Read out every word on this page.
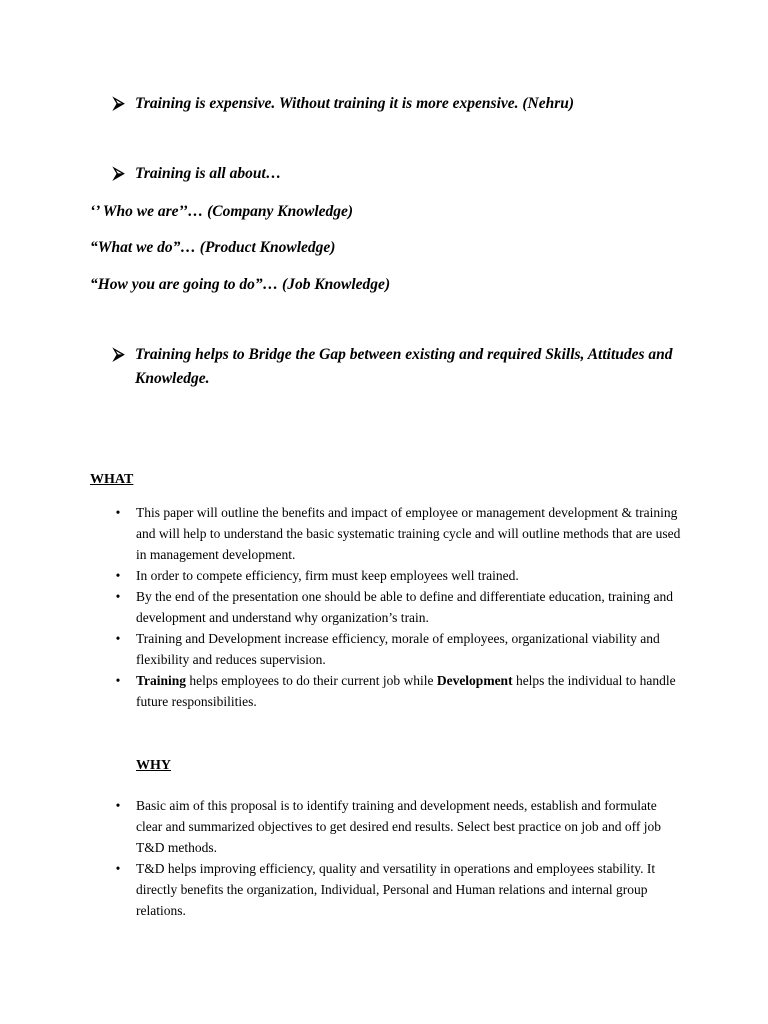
⮚ Training is expensive. Without training it is more expensive. (Nehru)
⮚ Training is all about…
‘’ Who we are’’… (Company Knowledge)
“What we do”… (Product Knowledge)
“How you are going to do”… (Job Knowledge)
⮚ Training helps to Bridge the Gap between existing and required Skills, Attitudes and Knowledge.
WHAT
• This paper will outline the benefits and impact of employee or management development & training and will help to understand the basic systematic training cycle and will outline methods that are used in management development.
• In order to compete efficiency, firm must keep employees well trained.
• By the end of the presentation one should be able to define and differentiate education, training and development and understand why organization’s train.
• Training and Development increase efficiency, morale of employees, organizational viability and flexibility and reduces supervision.
• Training helps employees to do their current job while Development helps the individual to handle future responsibilities.
WHY
• Basic aim of this proposal is to identify training and development needs, establish and formulate clear and summarized objectives to get desired end results. Select best practice on job and off job T&D methods.
• T&D helps improving efficiency, quality and versatility in operations and employees stability. It directly benefits the organization, Individual, Personal and Human relations and internal group relations.
